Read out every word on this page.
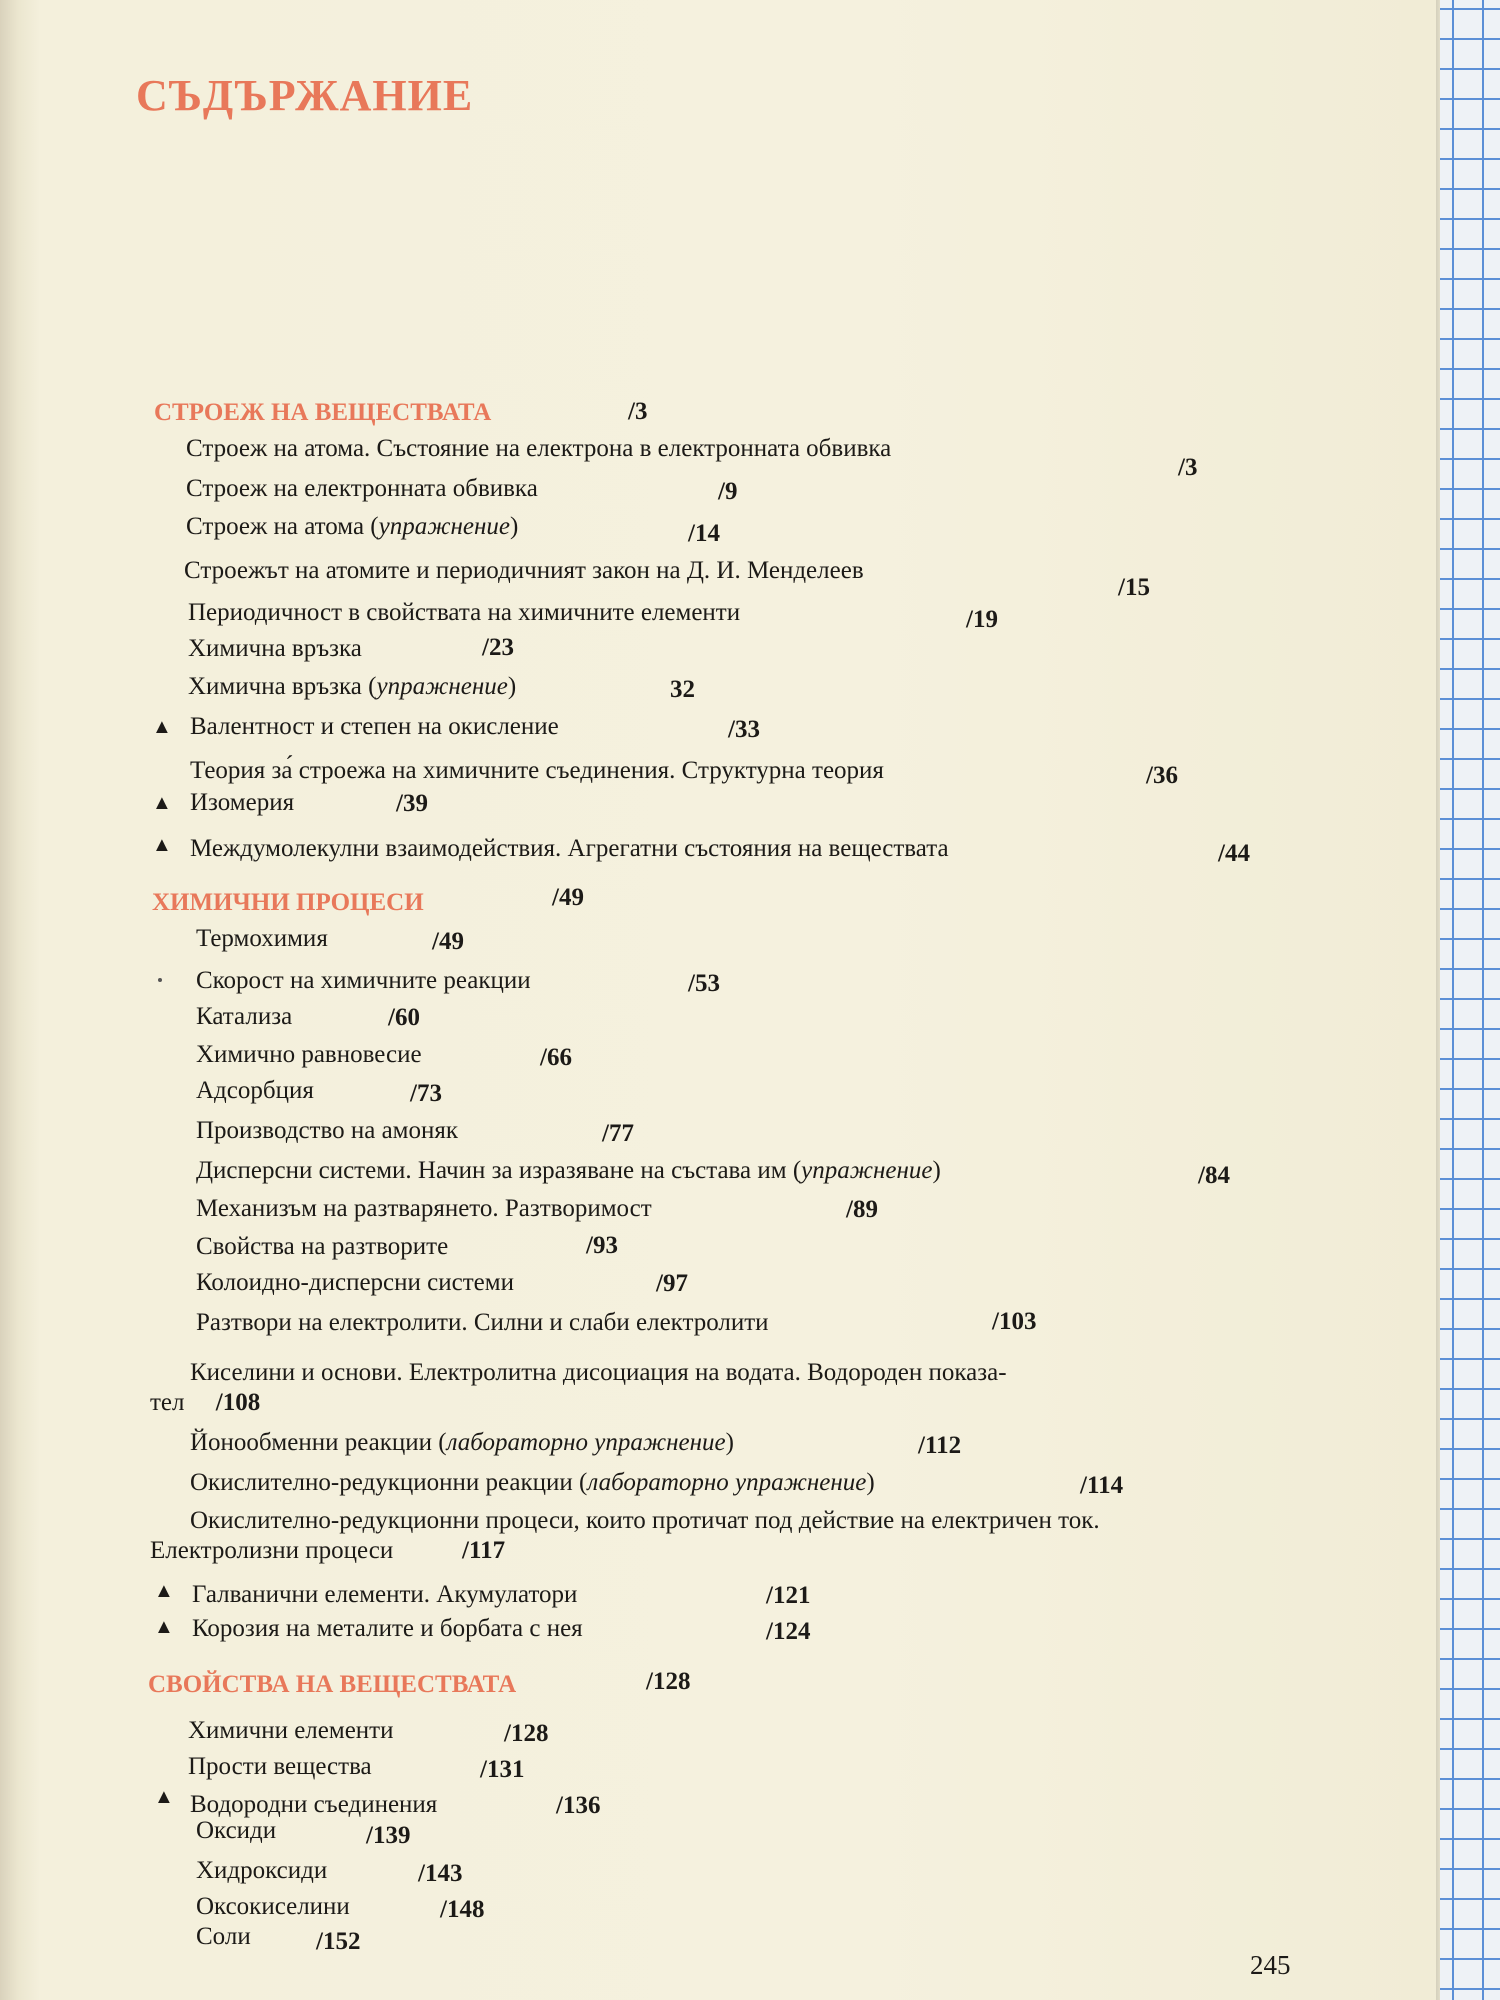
СЪДЪРЖАНИЕ
СТРОЕЖ НА ВЕЩЕСТВАТА	/3
Строеж на атома. Състояние на електрона в електронната обвивка
/3
Строеж на електронната обвивка	/9
Строеж на атома (упражнение)	/14
Строежът на атомите и периодичният закон на Д. И. Менделеев
/15
Периодичност в свойствата на химичните елементи	/19
Химична връзка	/23
Химична връзка (упражнение)	32
▲ Валентност и степен на окисление	/33
Теория за́ строежа на химичните съединения. Структурна теория	/36
▲ Изомерия	/39
▲ Междумолекулни взаимодействия. Агрегатни състояния на веществата	/44
ХИМИЧНИ ПРОЦЕСИ	/49
Термохимия	/49
Скорост на химичните реакции	/53
Катализа	/60
Химично равновесие	/66
Адсорбция	/73
Производство на амоняк	/77
Дисперсни системи. Начин за изразяване на състава им (упражнение)	/84
Механизъм на разтварянето. Разтворимост	/89
Свойства на разтворите	/93
Колоидно-дисперсни системи	/97
Разтвори на електролити. Силни и слаби електролити	/103
Киселини и основи. Електролитна дисоциация на водата. Водороден показа-
тел /108
Йонообменни реакции (лабораторно упражнение)	/112
Окислително-редукционни реакции (лабораторно упражнение)	/114
Окислително-редукционни процеси, които протичат под действие на електричен ток.
Електролизни процеси	/117
▲ Галванични елементи. Акумулатори	/121
▲ Корозия на металите и борбата с нея	/124
СВОЙСТВА НА ВЕЩЕСТВАТА	/128
Химични елементи	/128
Прости вещества	/131
▲ Водородни съединения	/136
Оксиди	/139
Хидроксиди	/143
Оксокиселини	/148
Соли	/152
245
